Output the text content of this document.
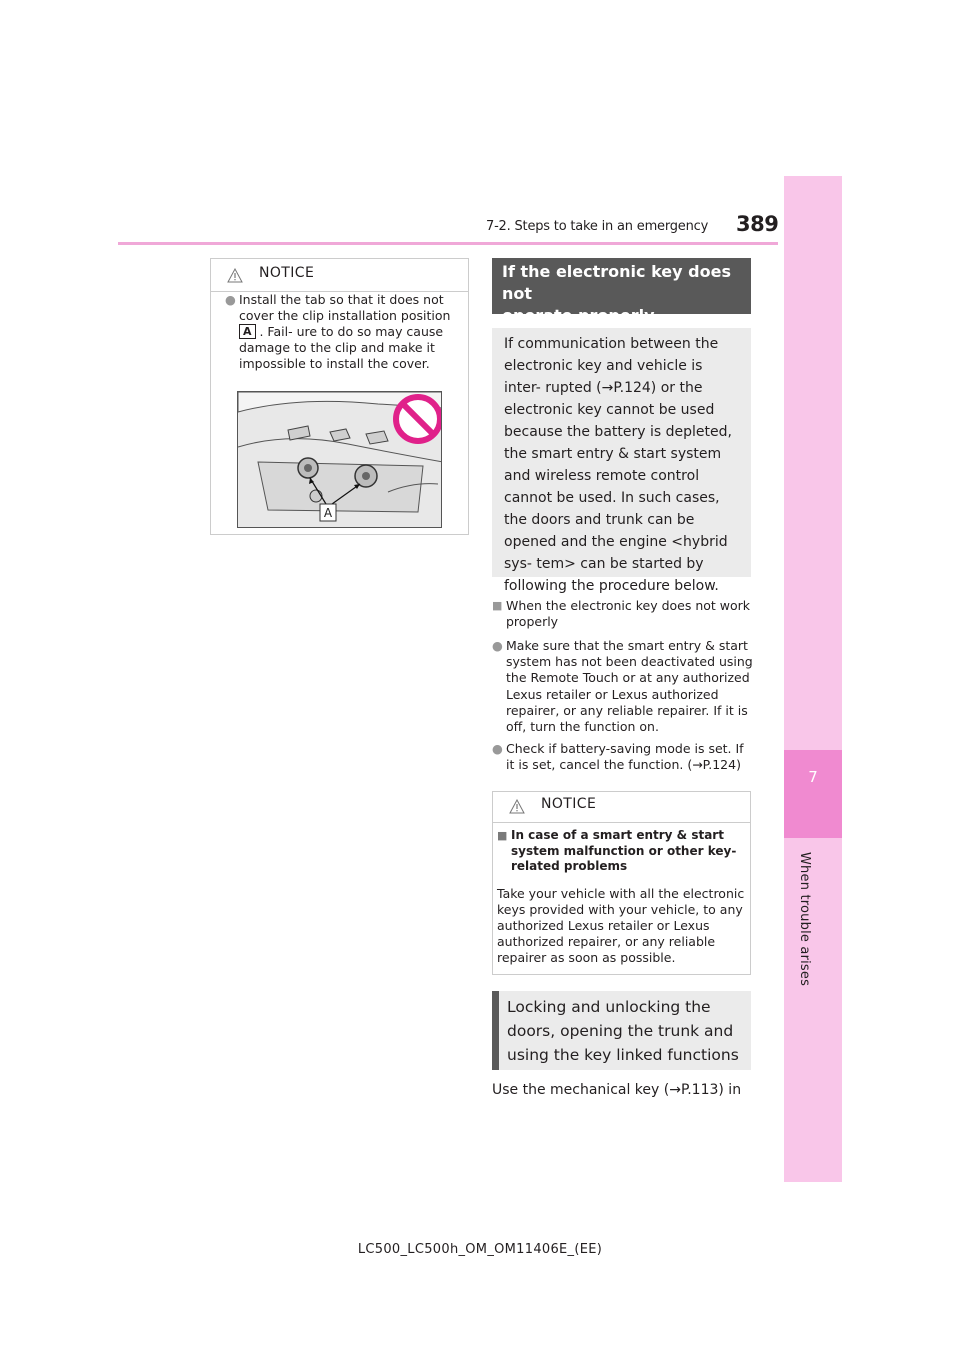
7-2. Steps to take in an emergency 389
7
When trouble arises
NOTICE
● Install the tab so that it does not cover the clip installation position A . Fail- ure to do so may cause damage to the clip and make it impossible to install the cover.
A
If the electronic key does not
operate properly
If communication between the electronic key and vehicle is inter- rupted (→P.124) or the electronic key cannot be used because the battery is depleted, the smart entry & start system and wireless remote control cannot be used. In such cases, the doors and trunk can be opened and the engine <hybrid sys- tem> can be started by following the procedure below.
■ When the electronic key does not work properly
● Make sure that the smart entry & start system has not been deactivated using the Remote Touch or at any authorized Lexus retailer or Lexus authorized repairer, or any reliable repairer. If it is off, turn the function on.
● Check if battery-saving mode is set. If it is set, cancel the function. (→P.124)
NOTICE
■ In case of a smart entry & start system malfunction or other key-related problems
Take your vehicle with all the electronic keys provided with your vehicle, to any authorized Lexus retailer or Lexus authorized repairer, or any reliable repairer as soon as possible.
Locking and unlocking the doors, opening the trunk and using the key linked functions
Use the mechanical key (→P.113) in
LC500_LC500h_OM_OM11406E_(EE)
